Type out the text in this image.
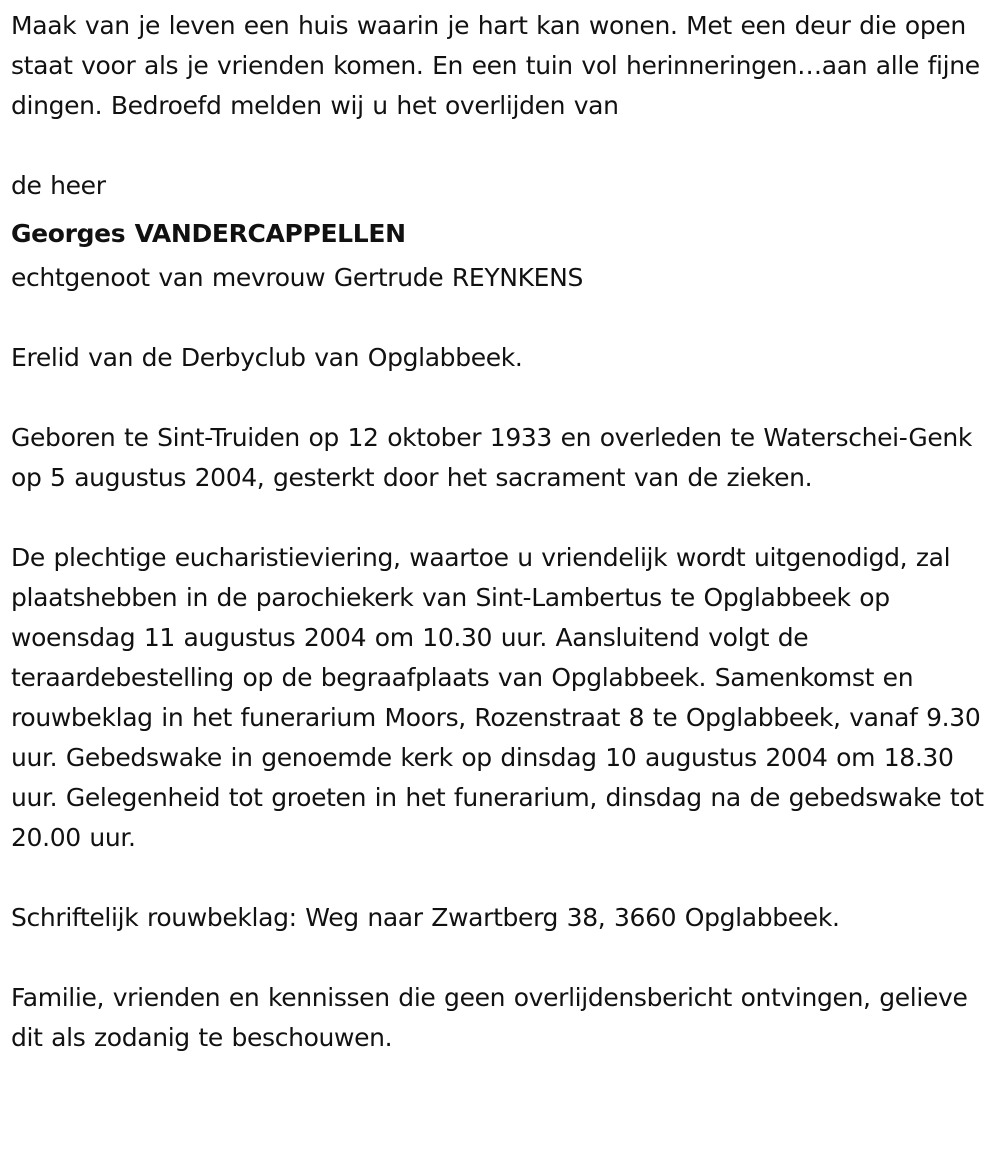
Maak van je leven een huis waarin je hart kan wonen. Met een deur die open staat voor als je vrienden komen. En een tuin vol herinneringen…aan alle fijne dingen. Bedroefd melden wij u het overlijden van

de heer

Georges VANDERCAPPELLEN

echtgenoot van mevrouw Gertrude REYNKENS

Erelid van de Derbyclub van Opglabbeek.

Geboren te Sint-Truiden op 12 oktober 1933 en overleden te Waterschei-Genk op 5 augustus 2004, gesterkt door het sacrament van de zieken.

De plechtige eucharistieviering, waartoe u vriendelijk wordt uitgenodigd, zal plaatshebben in de parochiekerk van Sint-Lambertus te Opglabbeek op woensdag 11 augustus 2004 om 10.30 uur. Aansluitend volgt de teraardebestelling op de begraafplaats van Opglabbeek. Samenkomst en rouwbeklag in het funerarium Moors, Rozenstraat 8 te Opglabbeek, vanaf 9.30 uur. Gebedswake in genoemde kerk op dinsdag 10 augustus 2004 om 18.30 uur. Gelegenheid tot groeten in het funerarium, dinsdag na de gebedswake tot 20.00 uur.

Schriftelijk rouwbeklag: Weg naar Zwartberg 38, 3660 Opglabbeek.

Familie, vrienden en kennissen die geen overlijdensbericht ontvingen, gelieve dit als zodanig te beschouwen.
